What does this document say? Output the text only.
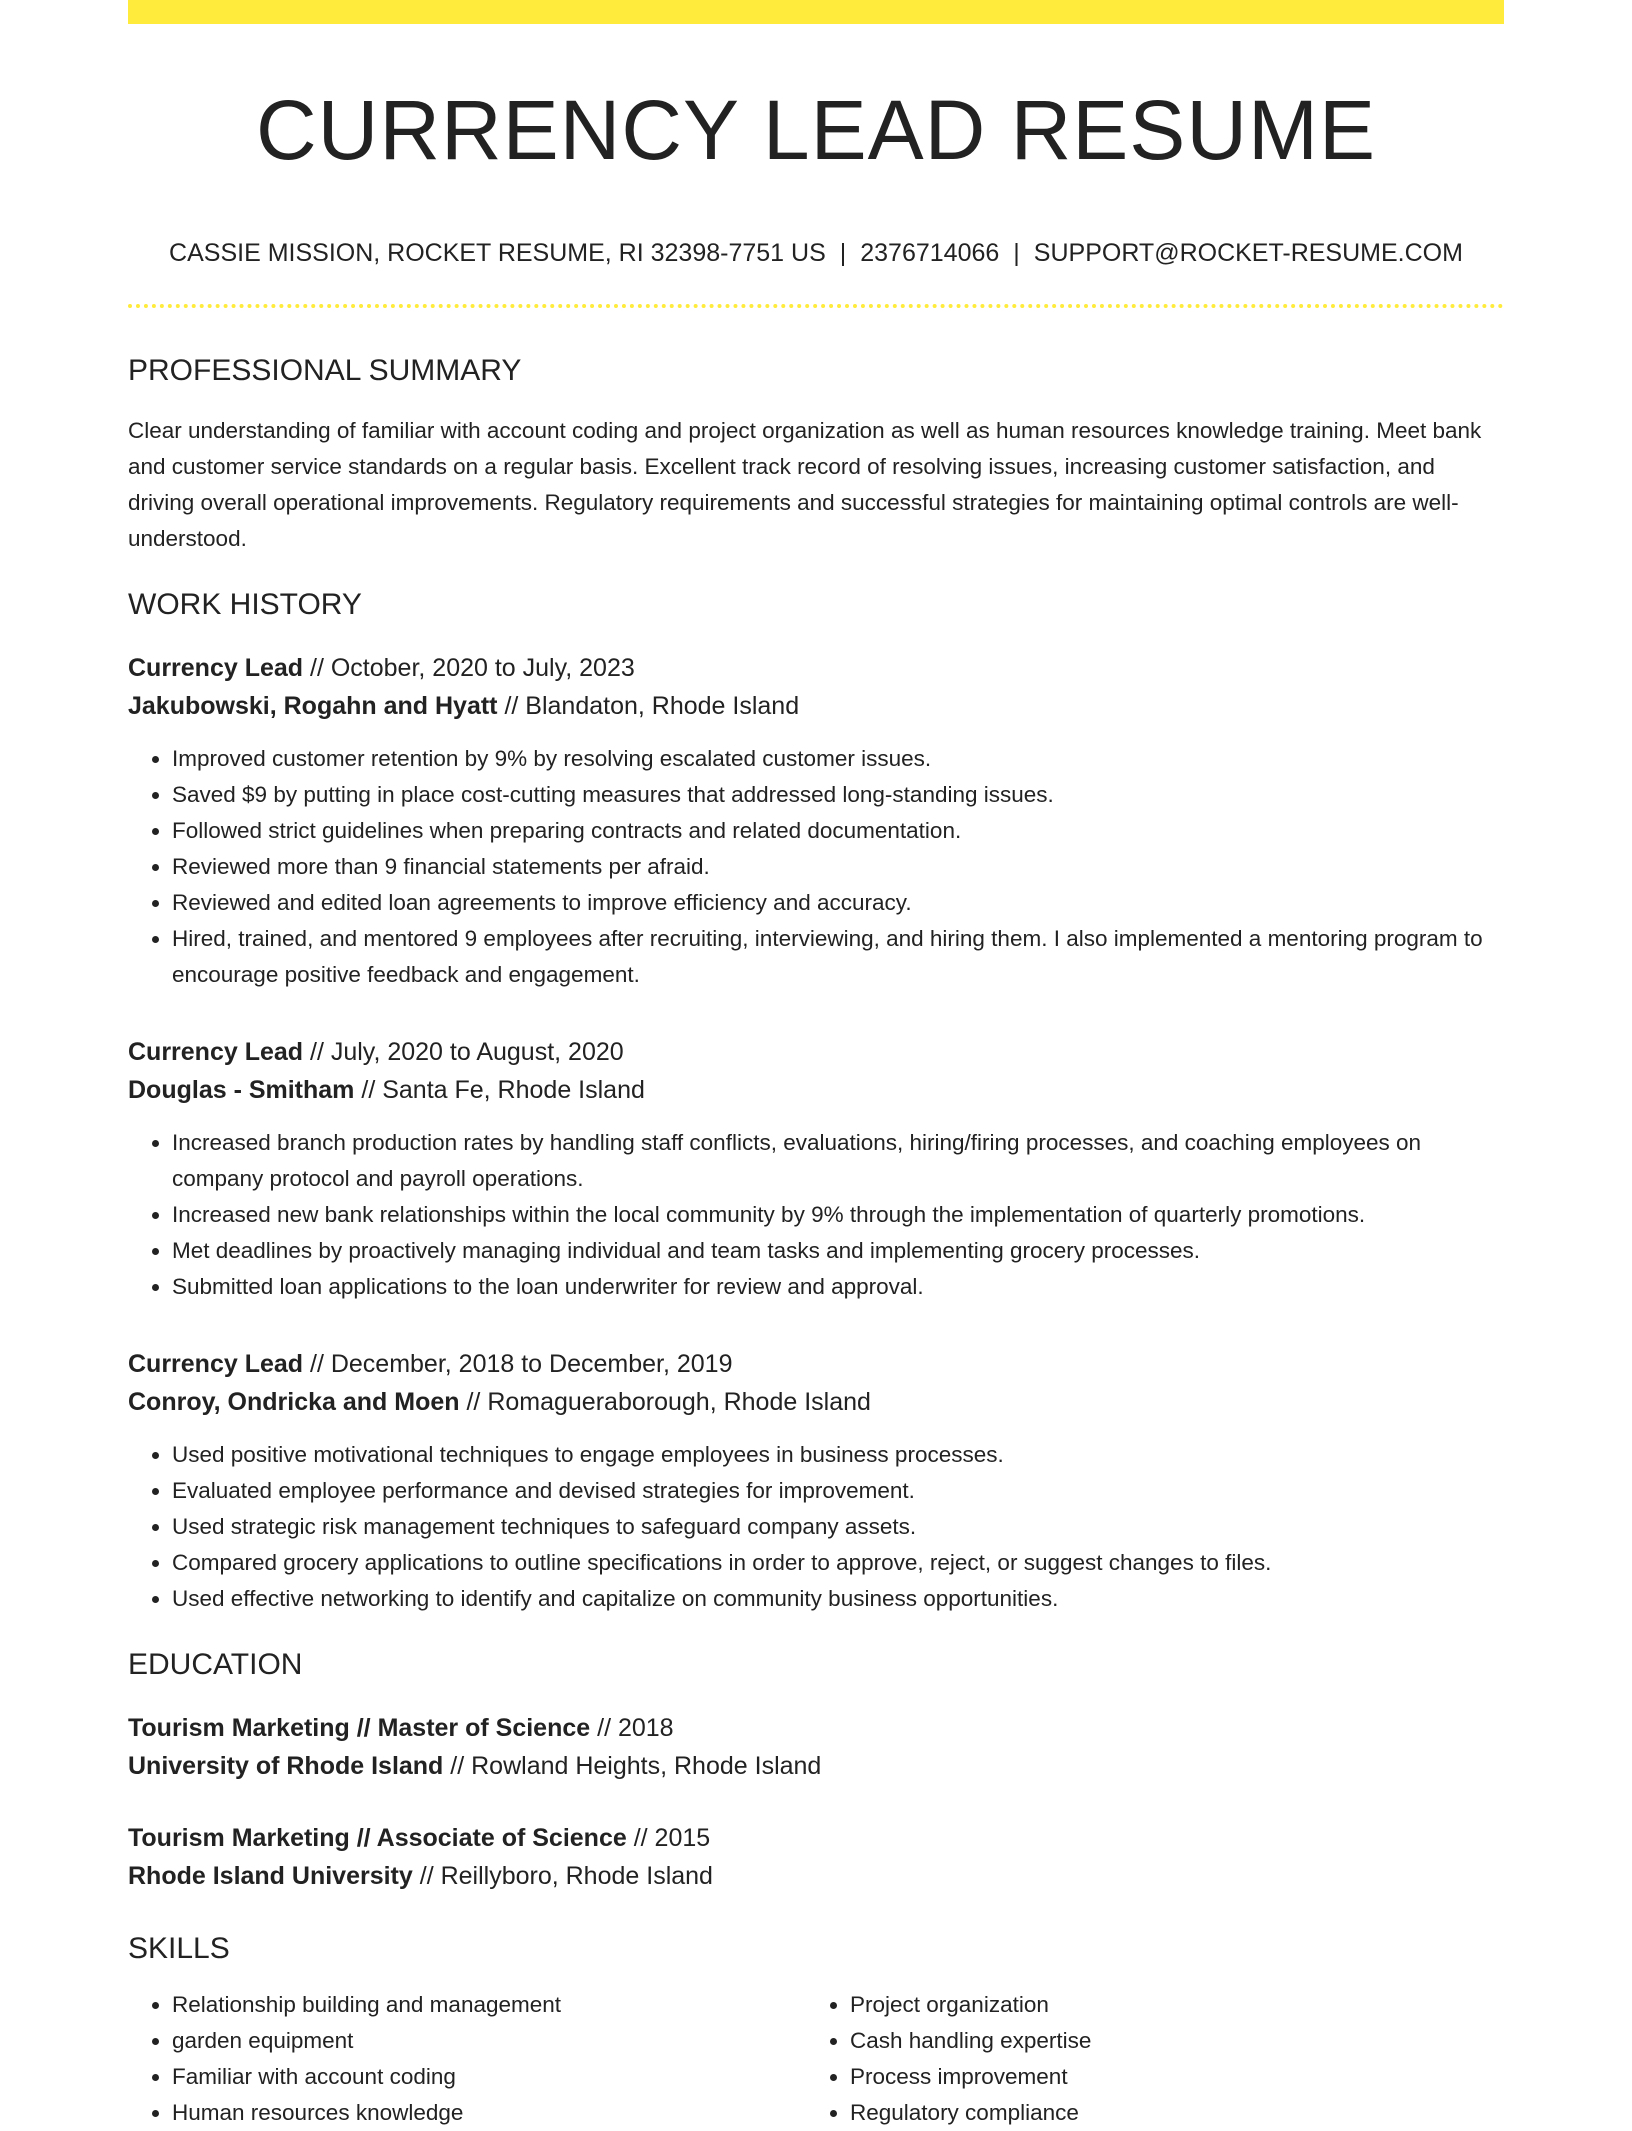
CURRENCY LEAD RESUME
CASSIE MISSION, ROCKET RESUME, RI 32398-7751 US | 2376714066 | SUPPORT@ROCKET-RESUME.COM
PROFESSIONAL SUMMARY

Clear understanding of familiar with account coding and project organization as well as human resources knowledge training. Meet bank and customer service standards on a regular basis. Excellent track record of resolving issues, increasing customer satisfaction, and driving overall operational improvements. Regulatory requirements and successful strategies for maintaining optimal controls are well-understood.

WORK HISTORY
Currency Lead // October, 2020 to July, 2023
Jakubowski, Rogahn and Hyatt // Blandaton, Rhode Island
• Improved customer retention by 9% by resolving escalated customer issues.
• Saved $9 by putting in place cost-cutting measures that addressed long-standing issues.
• Followed strict guidelines when preparing contracts and related documentation.
• Reviewed more than 9 financial statements per afraid.
• Reviewed and edited loan agreements to improve efficiency and accuracy.
• Hired, trained, and mentored 9 employees after recruiting, interviewing, and hiring them. I also implemented a mentoring program to encourage positive feedback and engagement.
Currency Lead // July, 2020 to August, 2020
Douglas - Smitham // Santa Fe, Rhode Island
• Increased branch production rates by handling staff conflicts, evaluations, hiring/firing processes, and coaching employees on company protocol and payroll operations.
• Increased new bank relationships within the local community by 9% through the implementation of quarterly promotions.
• Met deadlines by proactively managing individual and team tasks and implementing grocery processes.
• Submitted loan applications to the loan underwriter for review and approval.
Currency Lead // December, 2018 to December, 2019
Conroy, Ondricka and Moen // Romagueraborough, Rhode Island
• Used positive motivational techniques to engage employees in business processes.
• Evaluated employee performance and devised strategies for improvement.
• Used strategic risk management techniques to safeguard company assets.
• Compared grocery applications to outline specifications in order to approve, reject, or suggest changes to files.
• Used effective networking to identify and capitalize on community business opportunities.
EDUCATION
Tourism Marketing // Master of Science // 2018
University of Rhode Island // Rowland Heights, Rhode Island
Tourism Marketing // Associate of Science // 2015
Rhode Island University // Reillyboro, Rhode Island
SKILLS
• Relationship building and management
• garden equipment
• Familiar with account coding
• Human resources knowledge
• Project organization
• Cash handling expertise
• Process improvement
• Regulatory compliance
